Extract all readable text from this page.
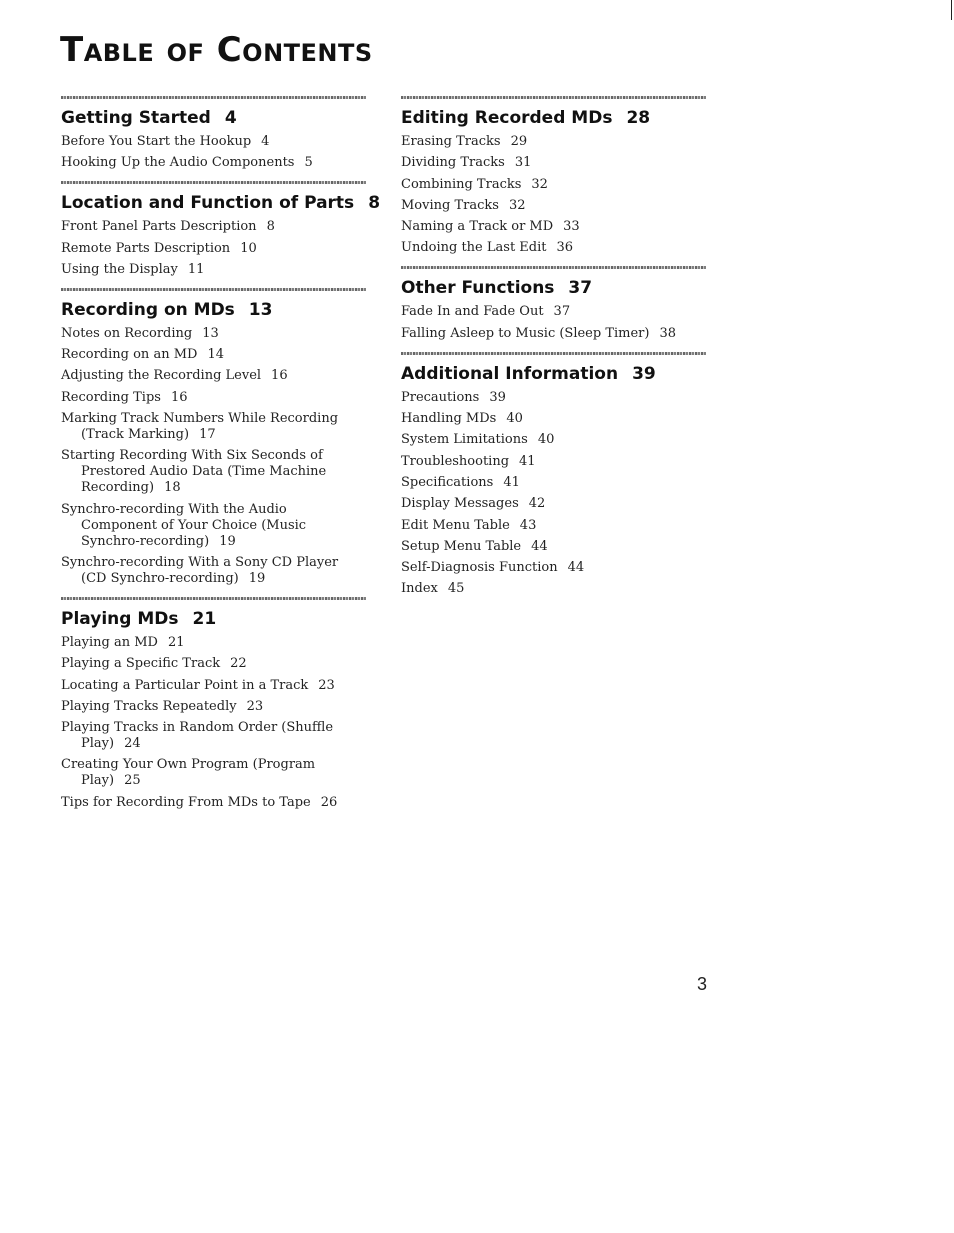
Table of Contents
Getting Started 4
Before You Start the Hookup 4
Hooking Up the Audio Components 5
Location and Function of Parts 8
Front Panel Parts Description 8
Remote Parts Description 10
Using the Display 11
Recording on MDs 13
Notes on Recording 13
Recording on an MD 14
Adjusting the Recording Level 16
Recording Tips 16
Marking Track Numbers While Recording (Track Marking) 17
Starting Recording With Six Seconds of Prestored Audio Data (Time Machine Recording) 18
Synchro-recording With the Audio Component of Your Choice (Music Synchro-recording) 19
Synchro-recording With a Sony CD Player (CD Synchro-recording) 19
Playing MDs 21
Playing an MD 21
Playing a Specific Track 22
Locating a Particular Point in a Track 23
Playing Tracks Repeatedly 23
Playing Tracks in Random Order (Shuffle Play) 24
Creating Your Own Program (Program Play) 25
Tips for Recording From MDs to Tape 26
Editing Recorded MDs 28
Erasing Tracks 29
Dividing Tracks 31
Combining Tracks 32
Moving Tracks 32
Naming a Track or MD 33
Undoing the Last Edit 36
Other Functions 37
Fade In and Fade Out 37
Falling Asleep to Music (Sleep Timer) 38
Additional Information 39
Precautions 39
Handling MDs 40
System Limitations 40
Troubleshooting 41
Specifications 41
Display Messages 42
Edit Menu Table 43
Setup Menu Table 44
Self-Diagnosis Function 44
Index 45
3
